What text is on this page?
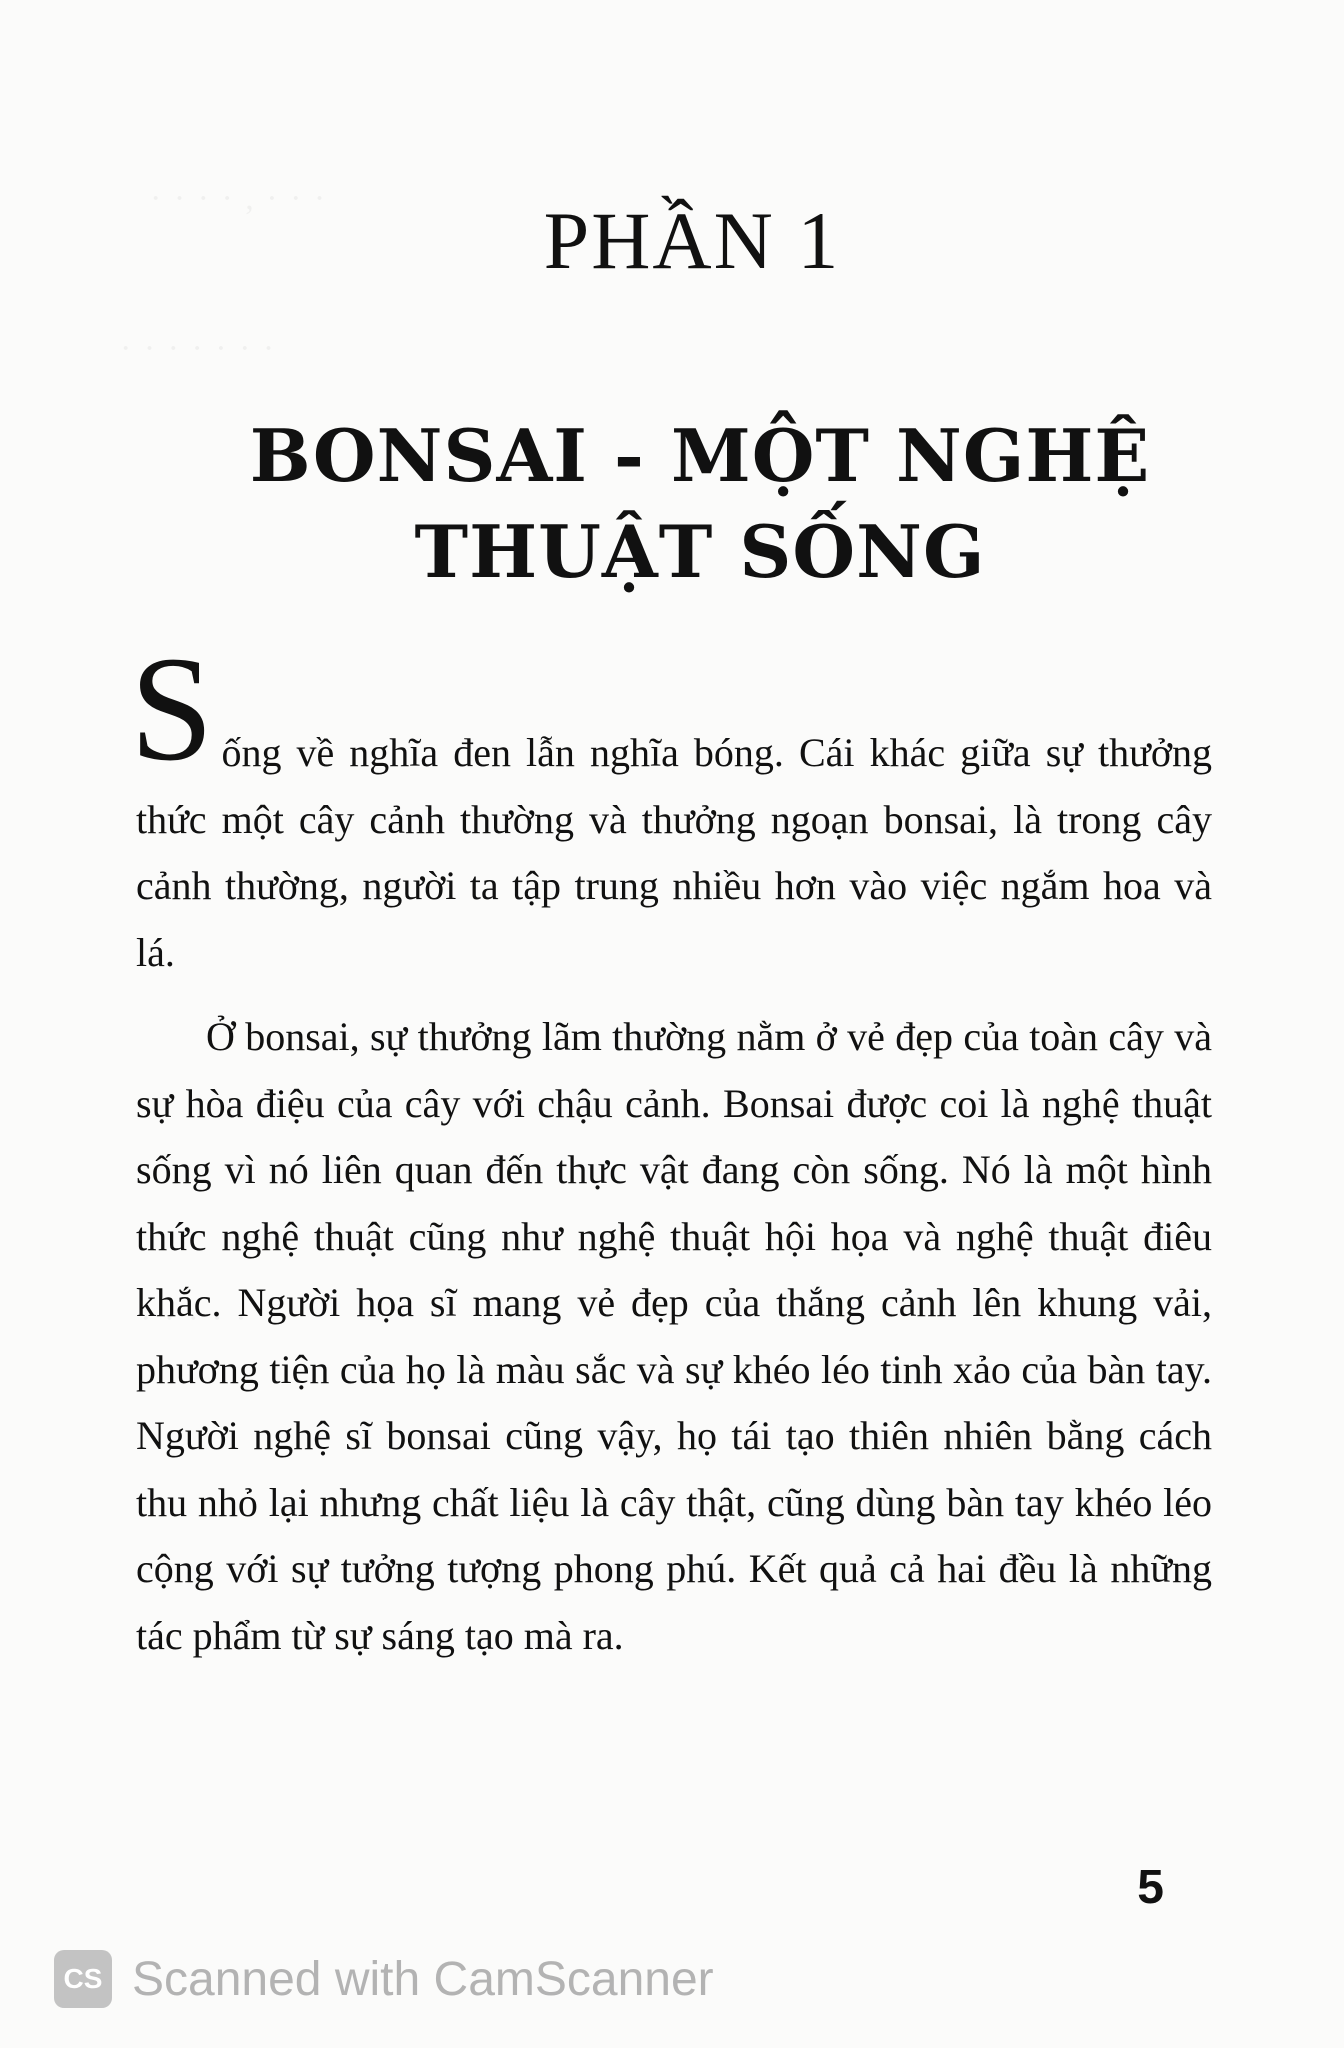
PHẦN 1
BONSAI - MỘT NGHỆ
THUẬT SỐNG

Sống về nghĩa đen lẫn nghĩa bóng. Cái khác giữa sự thưởng thức một cây cảnh thường và thưởng ngoạn bonsai, là trong cây cảnh thường, người ta tập trung nhiều hơn vào việc ngắm hoa và lá.

Ở bonsai, sự thưởng lãm thường nằm ở vẻ đẹp của toàn cây và sự hòa điệu của cây với chậu cảnh. Bonsai được coi là nghệ thuật sống vì nó liên quan đến thực vật đang còn sống. Nó là một hình thức nghệ thuật cũng như nghệ thuật hội họa và nghệ thuật điêu khắc. Người họa sĩ mang vẻ đẹp của thắng cảnh lên khung vải, phương tiện của họ là màu sắc và sự khéo léo tinh xảo của bàn tay. Người nghệ sĩ bonsai cũng vậy, họ tái tạo thiên nhiên bằng cách thu nhỏ lại nhưng chất liệu là cây thật, cũng dùng bàn tay khéo léo cộng với sự tưởng tượng phong phú. Kết quả cả hai đều là những tác phẩm từ sự sáng tạo mà ra.

5
CS Scanned with CamScanner
